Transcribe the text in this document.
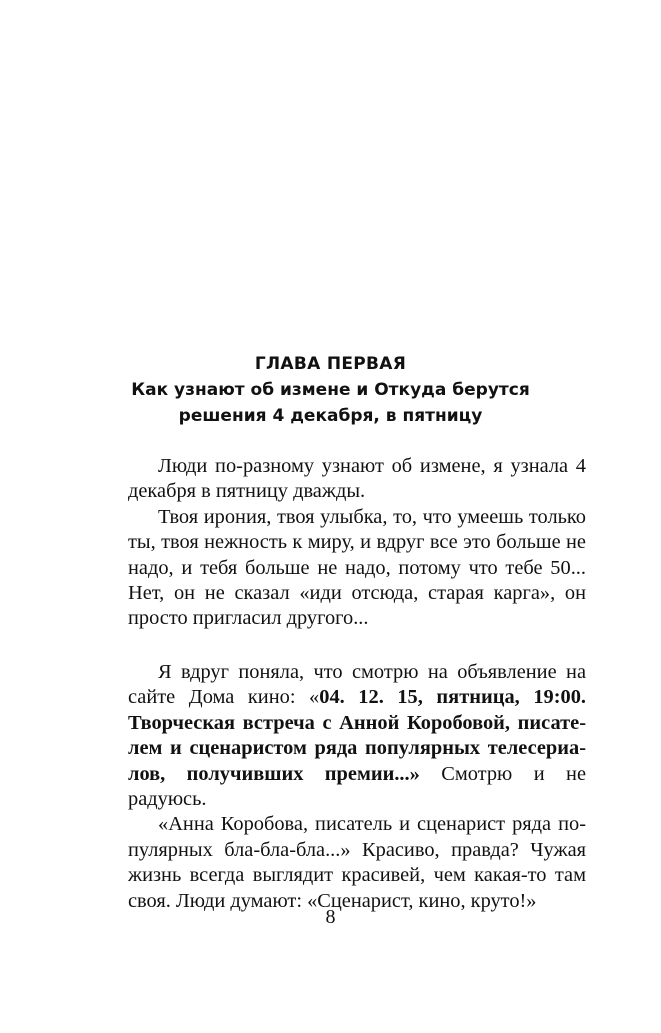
ГЛАВА ПЕРВАЯ
Как узнают об измене и Откуда берутся
решения 4 декабря, в пятницу

Люди по-разному узнают об измене, я узнала 4 декабря в пятницу дважды.

Твоя ирония, твоя улыбка, то, что умеешь только ты, твоя нежность к миру, и вдруг все это больше не надо, и тебя больше не надо, потому что тебе 50... Нет, он не сказал «иди отсюда, старая карга», он просто пригласил другого...

Я вдруг поняла, что смотрю на объявление на сайте Дома кино: «04. 12. 15, пятница, 19:00. Творческая встреча с Анной Коробовой, писателем и сценаристом ряда популярных телесериалов, получивших премии...» Смотрю и не радуюсь.

«Анна Коробова, писатель и сценарист ряда популярных бла-бла-бла...» Красиво, правда? Чужая жизнь всегда выглядит красивей, чем какая-то там своя. Люди думают: «Сценарист, кино, круто!»

8
